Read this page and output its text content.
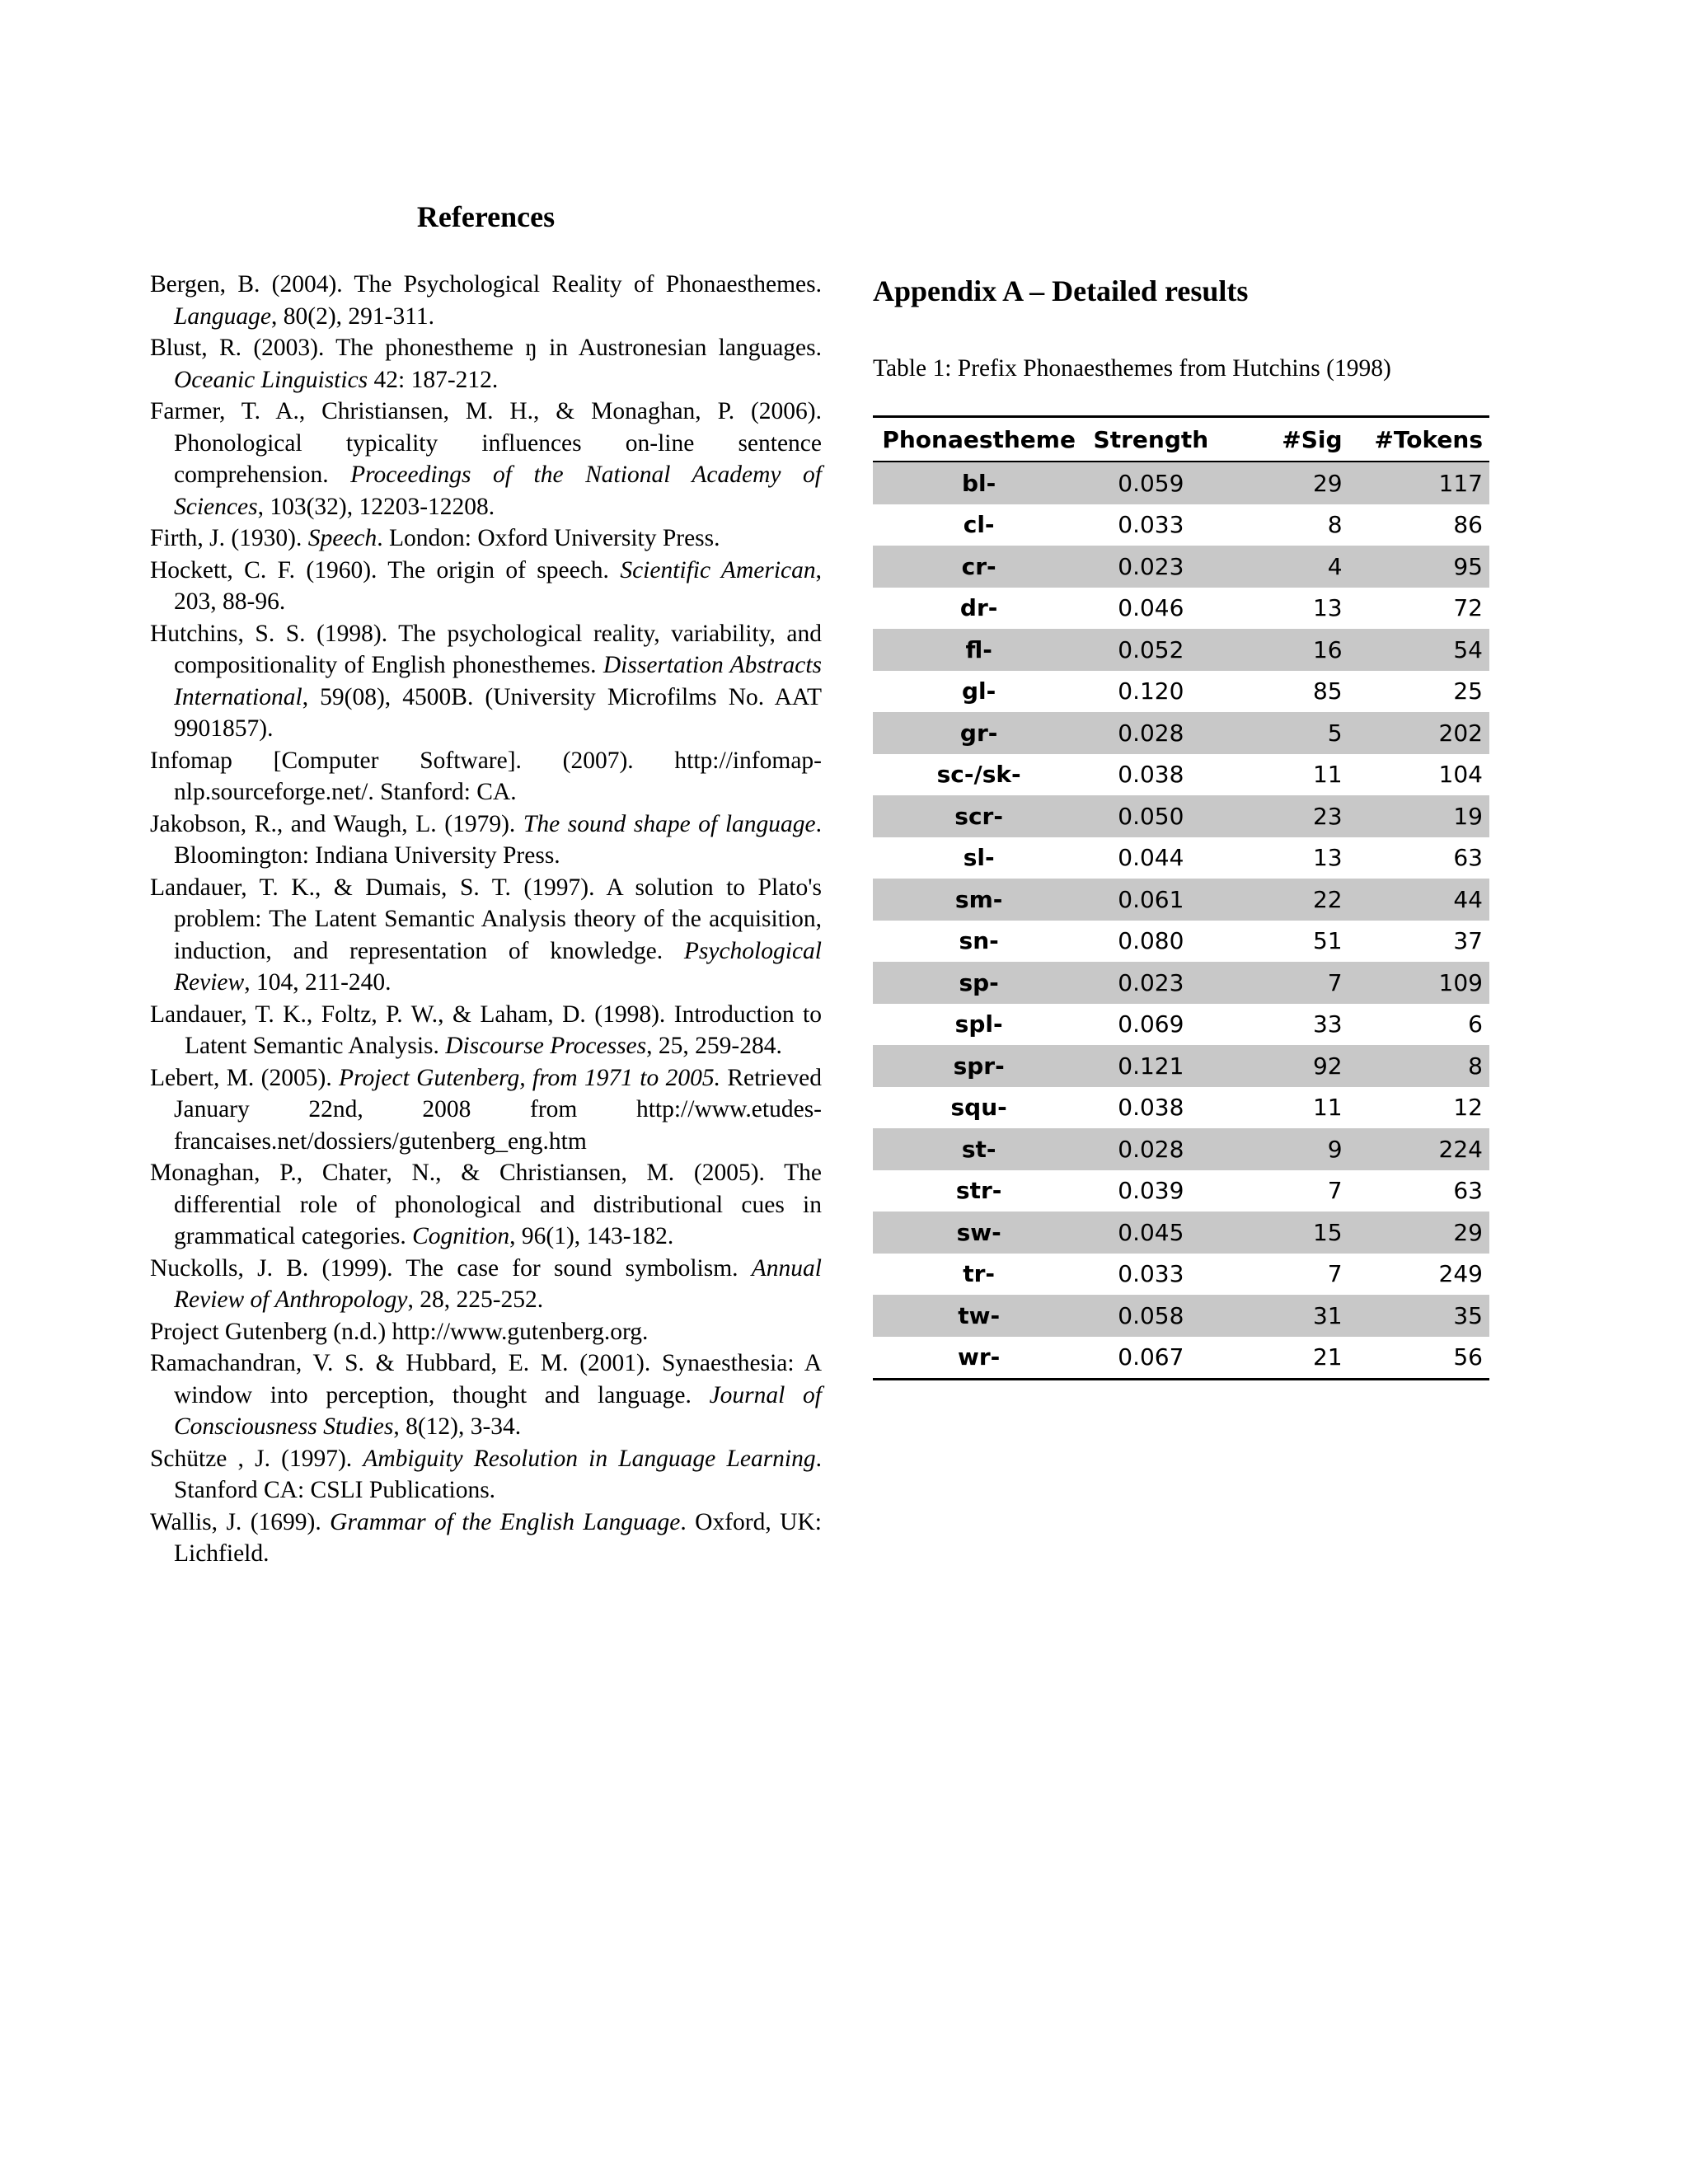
References

Bergen, B. (2004). The Psychological Reality of Phonaesthemes. Language, 80(2), 291-311.

Blust, R. (2003). The phonestheme ŋ in Austronesian languages. Oceanic Linguistics 42: 187-212.

Farmer, T. A., Christiansen, M. H., & Monaghan, P. (2006). Phonological typicality influences on-line sentence comprehension. Proceedings of the National Academy of Sciences, 103(32), 12203-12208.

Firth, J. (1930). Speech. London: Oxford University Press.

Hockett, C. F. (1960). The origin of speech. Scientific American, 203, 88-96.

Hutchins, S. S. (1998). The psychological reality, variability, and compositionality of English phonesthemes. Dissertation Abstracts International, 59(08), 4500B. (University Microfilms No. AAT 9901857).

Infomap [Computer Software]. (2007). http://infomap-nlp.sourceforge.net/. Stanford: CA.

Jakobson, R., and Waugh, L. (1979). The sound shape of language. Bloomington: Indiana University Press.

Landauer, T. K., & Dumais, S. T. (1997). A solution to Plato's problem: The Latent Semantic Analysis theory of the acquisition, induction, and representation of knowledge. Psychological Review, 104, 211-240.

Landauer, T. K., Foltz, P. W., & Laham, D. (1998). Introduction to Latent Semantic Analysis. Discourse Processes, 25, 259-284.

Lebert, M. (2005). Project Gutenberg, from 1971 to 2005. Retrieved January 22nd, 2008 from http://www.etudes-francaises.net/dossiers/gutenberg_eng.htm

Monaghan, P., Chater, N., & Christiansen, M. (2005). The differential role of phonological and distributional cues in grammatical categories. Cognition, 96(1), 143-182.

Nuckolls, J. B. (1999). The case for sound symbolism. Annual Review of Anthropology, 28, 225-252.

Project Gutenberg (n.d.) http://www.gutenberg.org.

Ramachandran, V. S. & Hubbard, E. M. (2001). Synaesthesia: A window into perception, thought and language. Journal of Consciousness Studies, 8(12), 3-34.

Schütze , J. (1997). Ambiguity Resolution in Language Learning. Stanford CA: CSLI Publications.

Wallis, J. (1699). Grammar of the English Language. Oxford, UK: Lichfield.

Appendix A – Detailed results

Table 1: Prefix Phonaesthemes from Hutchins (1998)

Phonaestheme	Strength	#Sig	#Tokens
bl-	0.059	29	117
cl-	0.033	8	86
cr-	0.023	4	95
dr-	0.046	13	72
fl-	0.052	16	54
gl-	0.120	85	25
gr-	0.028	5	202
sc-/sk-	0.038	11	104
scr-	0.050	23	19
sl-	0.044	13	63
sm-	0.061	22	44
sn-	0.080	51	37
sp-	0.023	7	109
spl-	0.069	33	6
spr-	0.121	92	8
squ-	0.038	11	12
st-	0.028	9	224
str-	0.039	7	63
sw-	0.045	15	29
tr-	0.033	7	249
tw-	0.058	31	35
wr-	0.067	21	56
